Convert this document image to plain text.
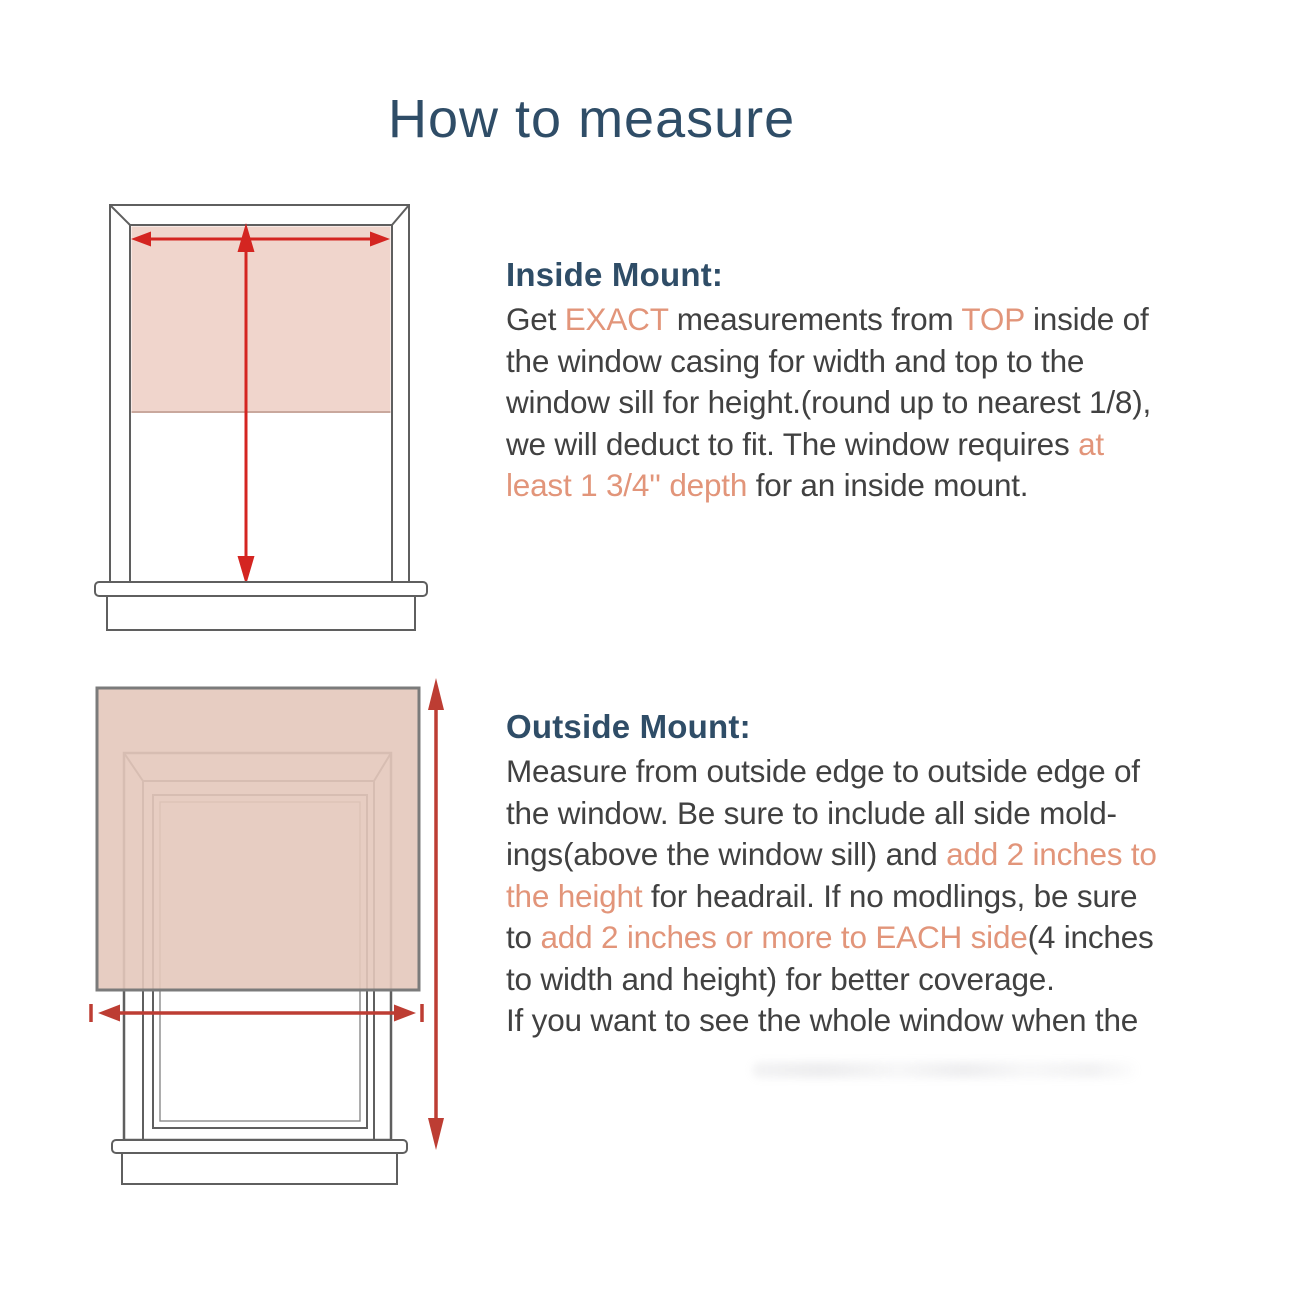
How to measure
Inside Mount:
Get EXACT measurements from TOP inside of
the window casing for width and top to the
window sill for height.(round up to nearest 1/8),
we will deduct to fit. The window requires at
least 1 3/4'' depth for an inside mount.
Outside Mount:
Measure from outside edge to outside edge of
the window. Be sure to include all side mold-
ings(above the window sill) and add 2 inches to
the height for headrail. If no modlings, be sure
to add 2 inches or more to EACH side(4 inches
to width and height) for better coverage.
If you want to see the whole window when the
